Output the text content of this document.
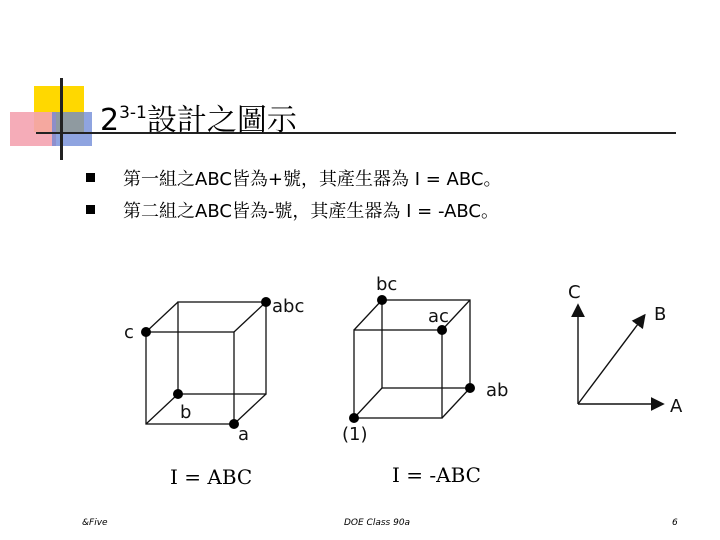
2$^{3-1}$設計之圖示
第一組之ABC皆為+號，其產生器為 I = ABC。
第二組之ABC皆為-號，其產生器為 I = -ABC。
c
abc
b
a
I = ABC
bc
ac
ab
(1)
I = -ABC
C
B
A
&Five	DOE Class 90a	6
